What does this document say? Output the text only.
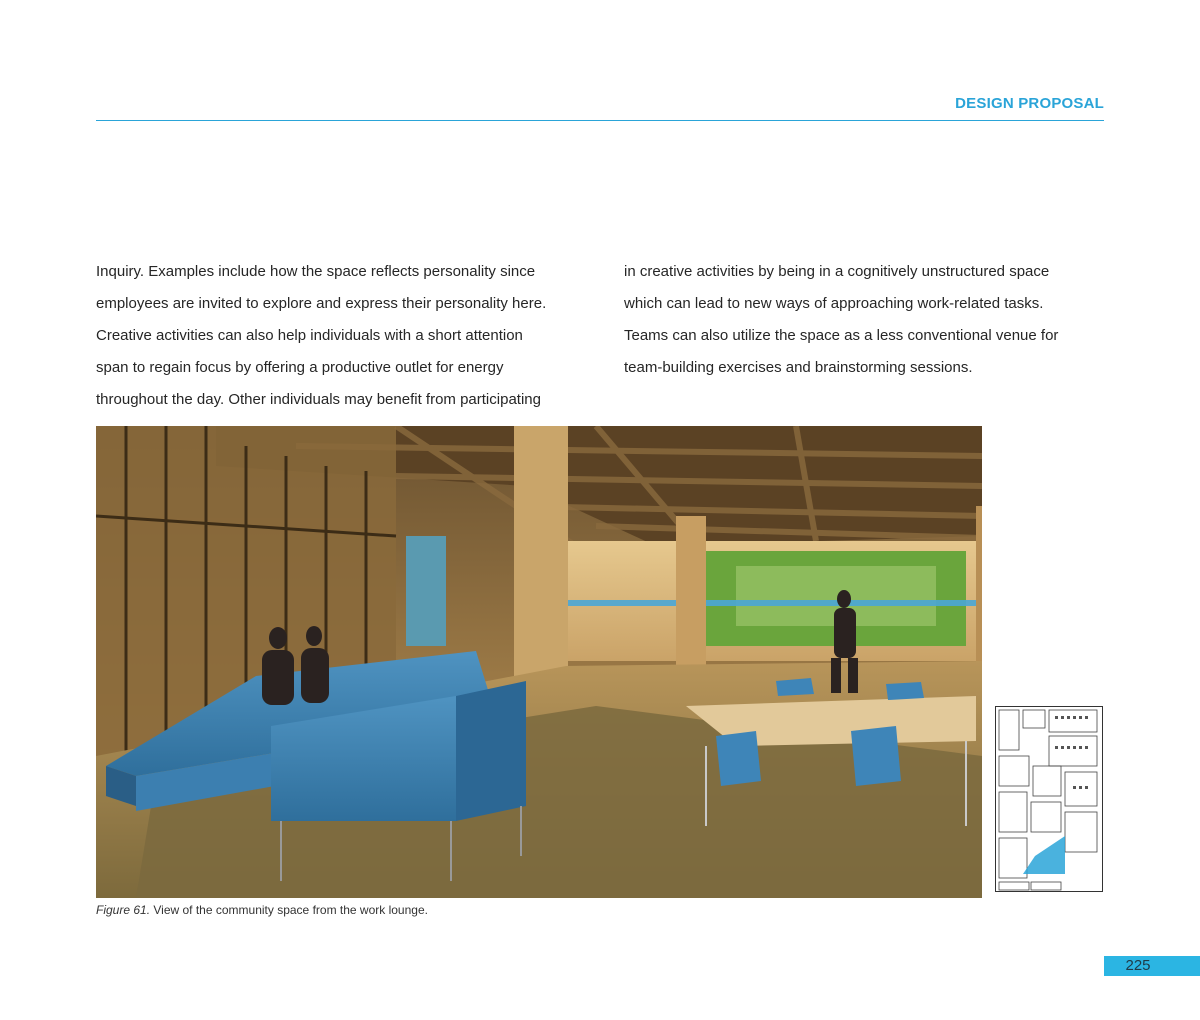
DESIGN PROPOSAL

Inquiry. Examples include how the space reflects personality since

employees are invited to explore and express their personality here.

Creative activities can also help individuals with a short attention

span to regain focus by offering a productive outlet for energy

throughout the day. Other individuals may benefit from participating

in creative activities by being in a cognitively unstructured space

which can lead to new ways of approaching work-related tasks.

Teams can also utilize the space as a less conventional venue for

team-building exercises and brainstorming sessions.

Figure 61. View of the community space from the work lounge.
225
